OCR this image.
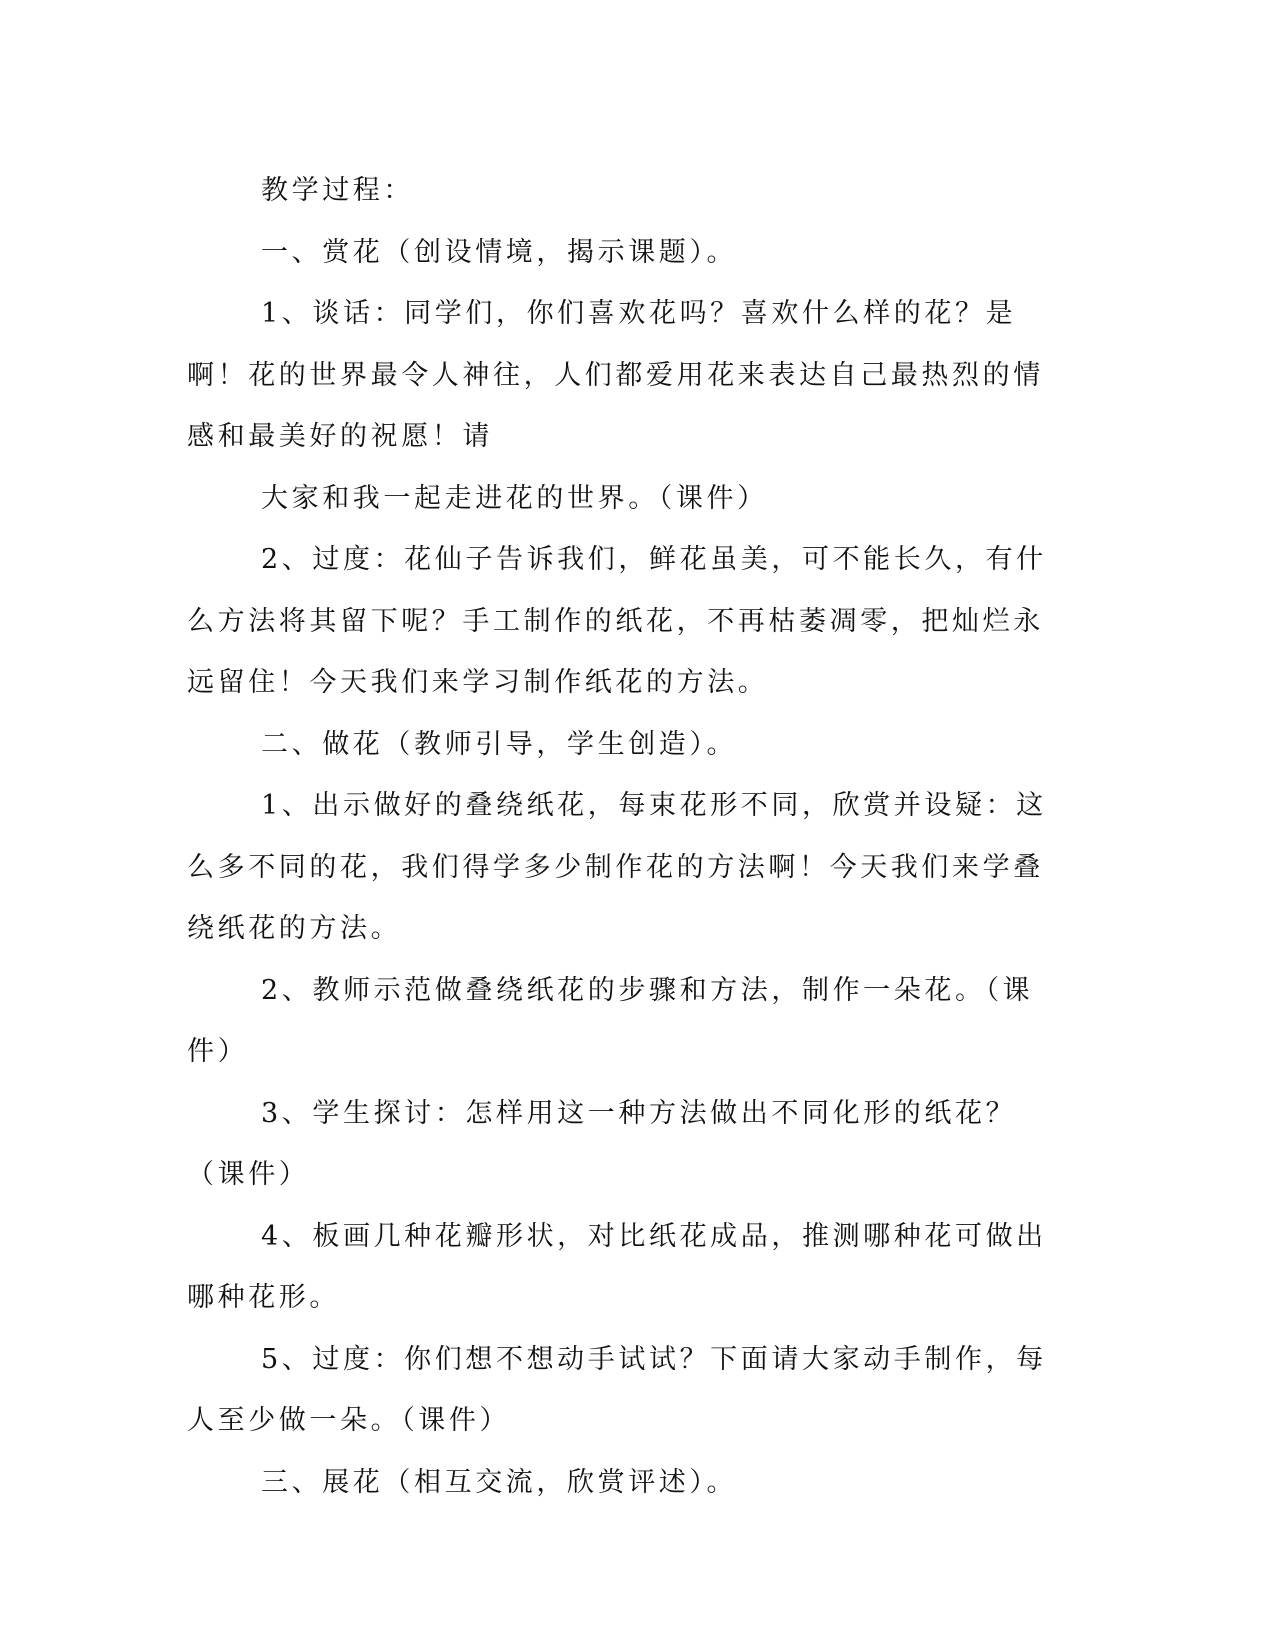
教学过程：

一、赏花（创设情境，揭示课题）。

1、谈话：同学们，你们喜欢花吗？喜欢什么样的花？是啊！花的世界最令人神往，人们都爱用花来表达自己最热烈的情感和最美好的祝愿！请

大家和我一起走进花的世界。（课件）

2、过度：花仙子告诉我们，鲜花虽美，可不能长久，有什么方法将其留下呢？手工制作的纸花，不再枯萎凋零，把灿烂永远留住！今天我们来学习制作纸花的方法。

二、做花（教师引导，学生创造）。

1、出示做好的叠绕纸花，每束花形不同，欣赏并设疑：这么多不同的花，我们得学多少制作花的方法啊！今天我们来学叠绕纸花的方法。

2、教师示范做叠绕纸花的步骤和方法，制作一朵花。（课件）

3、学生探讨：怎样用这一种方法做出不同化形的纸花？（课件）

4、板画几种花瓣形状，对比纸花成品，推测哪种花可做出哪种花形。

5、过度：你们想不想动手试试？下面请大家动手制作，每人至少做一朵。（课件）

三、展花（相互交流，欣赏评述）。
